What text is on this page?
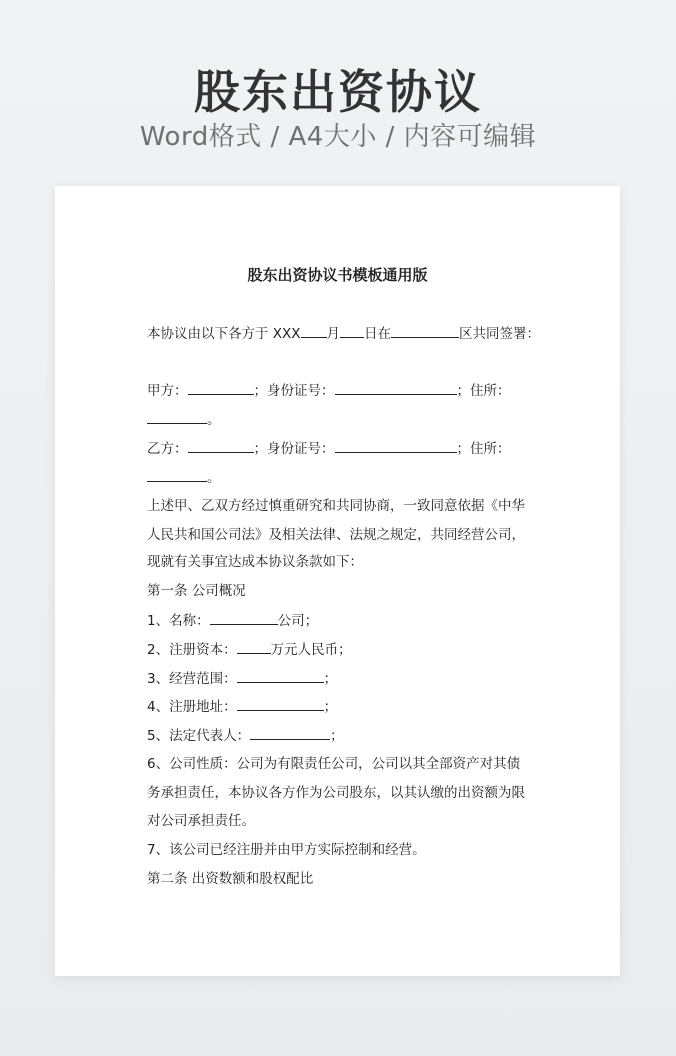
股东出资协议
Word格式 / A4大小 / 内容可编辑
股东出资协议书模板通用版
本协议由以下各方于 XXX 月 日在	区共同签署：
甲方：	；身份证号：	；住所：
。
乙方：	；身份证号：	；住所：
。
上述甲、乙双方经过慎重研究和共同协商，一致同意依据《中华
人民共和国公司法》及相关法律、法规之规定，共同经营公司，
现就有关事宜达成本协议条款如下：
第一条 公司概况
1、名称：	公司；
2、注册资本：	万元人民币；
3、经营范围：	；
4、注册地址：	；
5、法定代表人：	；
6、公司性质：公司为有限责任公司，公司以其全部资产对其债
务承担责任，本协议各方作为公司股东，以其认缴的出资额为限
对公司承担责任。
7、该公司已经注册并由甲方实际控制和经营。
第二条 出资数额和股权配比
